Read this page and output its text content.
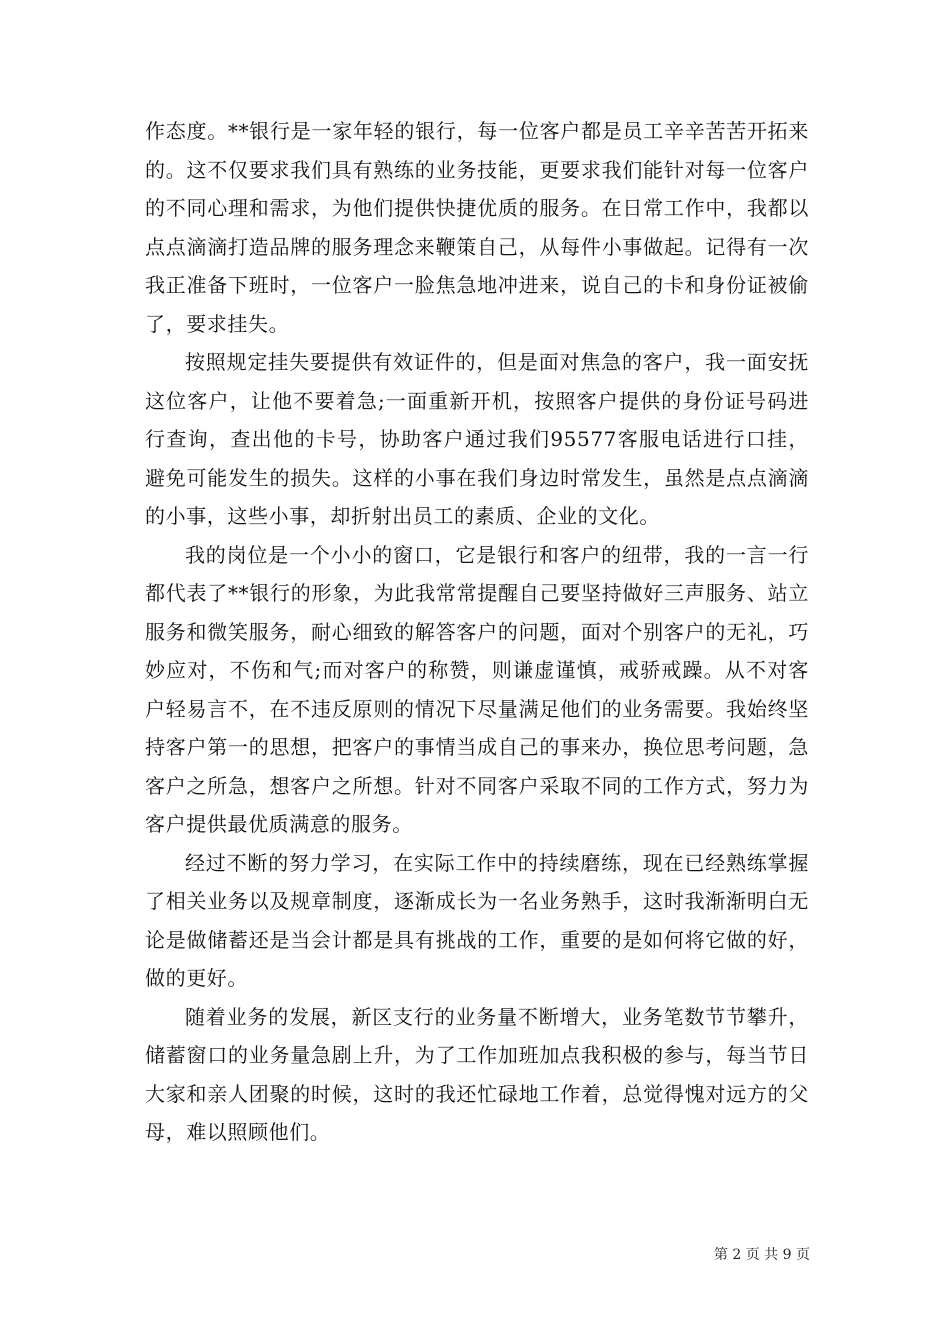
作态度。**银行是一家年轻的银行，每一位客户都是员工辛辛苦苦开拓来的。这不仅要求我们具有熟练的业务技能，更要求我们能针对每一位客户的不同心理和需求，为他们提供快捷优质的服务。在日常工作中，我都以点点滴滴打造品牌的服务理念来鞭策自己，从每件小事做起。记得有一次我正准备下班时，一位客户一脸焦急地冲进来，说自己的卡和身份证被偷了，要求挂失。

按照规定挂失要提供有效证件的，但是面对焦急的客户，我一面安抚这位客户，让他不要着急;一面重新开机，按照客户提供的身份证号码进行查询，查出他的卡号，协助客户通过我们95577客服电话进行口挂，避免可能发生的损失。这样的小事在我们身边时常发生，虽然是点点滴滴的小事，这些小事，却折射出员工的素质、企业的文化。

我的岗位是一个小小的窗口，它是银行和客户的纽带，我的一言一行都代表了**银行的形象，为此我常常提醒自己要坚持做好三声服务、站立服务和微笑服务，耐心细致的解答客户的问题，面对个别客户的无礼，巧妙应对，不伤和气;而对客户的称赞，则谦虚谨慎，戒骄戒躁。从不对客户轻易言不，在不违反原则的情况下尽量满足他们的业务需要。我始终坚持客户第一的思想，把客户的事情当成自己的事来办，换位思考问题，急客户之所急，想客户之所想。针对不同客户采取不同的工作方式，努力为客户提供最优质满意的服务。

经过不断的努力学习，在实际工作中的持续磨练，现在已经熟练掌握了相关业务以及规章制度，逐渐成长为一名业务熟手，这时我渐渐明白无论是做储蓄还是当会计都是具有挑战的工作，重要的是如何将它做的好，做的更好。

随着业务的发展，新区支行的业务量不断增大，业务笔数节节攀升，储蓄窗口的业务量急剧上升，为了工作加班加点我积极的参与，每当节日大家和亲人团聚的时候，这时的我还忙碌地工作着，总觉得愧对远方的父母，难以照顾他们。

第 2 页 共 9 页
